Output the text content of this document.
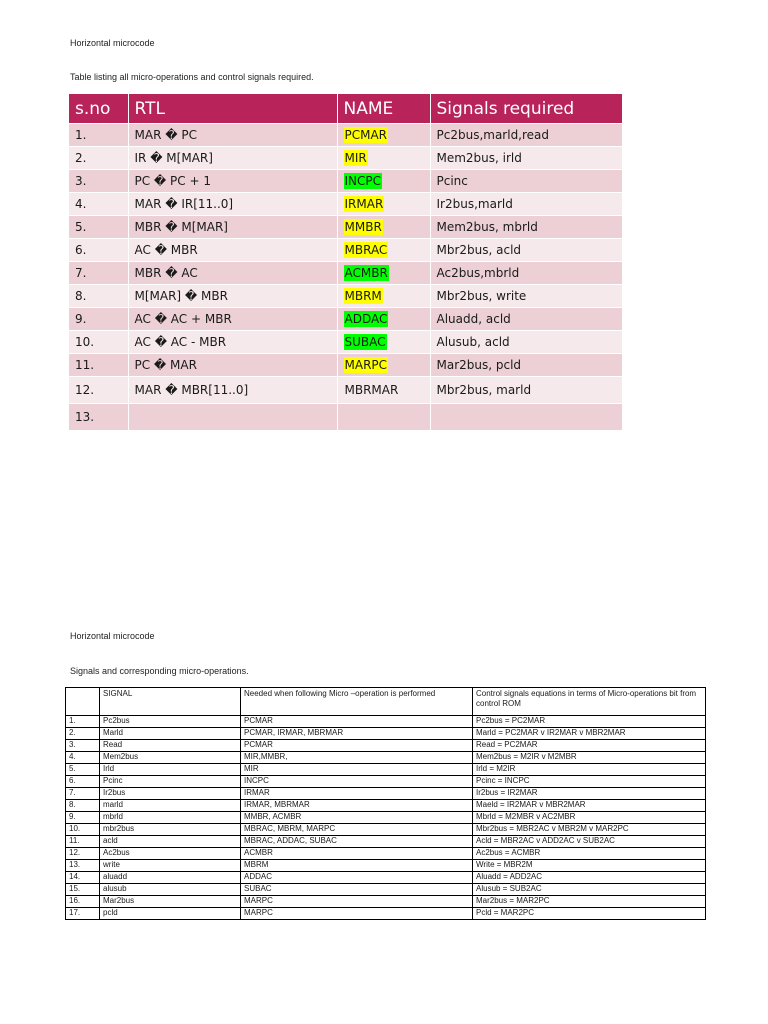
Horizontal microcode
Table listing all micro-operations and control signals required.
s.no	RTL	NAME	Signals required
1.	MAR � PC	PCMAR	Pc2bus,marld,read
2.	IR � M[MAR]	MIR	Mem2bus, irld
3.	PC � PC + 1	INCPC	Pcinc
4.	MAR � IR[11..0]	IRMAR	Ir2bus,marld
5.	MBR � M[MAR]	MMBR	Mem2bus, mbrld
6.	AC � MBR	MBRAC	Mbr2bus, acld
7.	MBR � AC	ACMBR	Ac2bus,mbrld
8.	M[MAR] � MBR	MBRM	Mbr2bus, write
9.	AC � AC + MBR	ADDAC	Aluadd, acld
10.	AC � AC - MBR	SUBAC	Alusub, acld
11.	PC � MAR	MARPC	Mar2bus, pcld
12.	MAR � MBR[11..0]	MBRMAR	Mbr2bus, marld
13.			
Horizontal microcode
Signals and corresponding micro-operations.
	SIGNAL	Needed when following Micro –operation is performed	Control signals equations in terms of Micro-operations bit from control ROM
1.	Pc2bus	PCMAR	Pc2bus = PC2MAR
2.	Marld	PCMAR, IRMAR, MBRMAR	Marld = PC2MAR v IR2MAR v MBR2MAR
3.	Read	PCMAR	Read = PC2MAR
4.	Mem2bus	MIR,MMBR,	Mem2bus = M2IR v M2MBR
5.	Irld	MIR	Irld = M2IR
6.	Pcinc	INCPC	Pcinc = INCPC
7.	Ir2bus	IRMAR	Ir2bus = IR2MAR
8.	marld	IRMAR, MBRMAR	Maeld = IR2MAR v MBR2MAR
9.	mbrld	MMBR, ACMBR	Mbrld = M2MBR v AC2MBR
10.	mbr2bus	MBRAC, MBRM, MARPC	Mbr2bus = MBR2AC v MBR2M v MAR2PC
11.	acld	MBRAC, ADDAC, SUBAC	Acld = MBR2AC v ADD2AC v SUB2AC
12.	Ac2bus	ACMBR	Ac2bus = ACMBR
13.	write	MBRM	Write = MBR2M
14.	aluadd	ADDAC	Aluadd = ADD2AC
15.	alusub	SUBAC	Alusub = SUB2AC
16.	Mar2bus	MARPC	Mar2bus = MAR2PC
17.	pcld	MARPC	Pcld = MAR2PC
